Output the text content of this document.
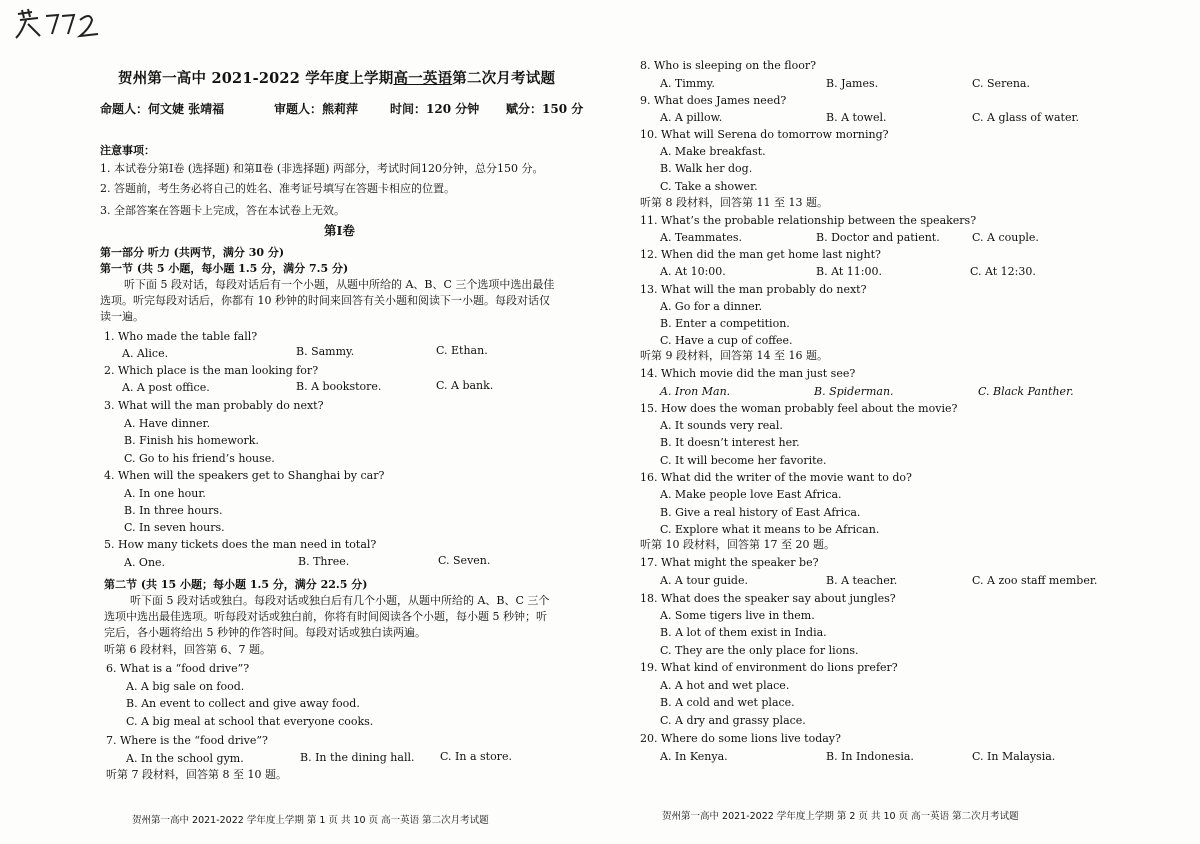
贺州第一高中 2021-2022 学年度上学期高一英语第二次月考试题
命题人：何文婕 张靖福	审题人：熊莉萍	时间：120 分钟 赋分：150 分
注意事项：
1. 本试卷分第Ⅰ卷 (选择题) 和第Ⅱ卷 (非选择题) 两部分，考试时间120分钟，总分150 分。
2. 答题前，考生务必将自己的姓名、准考证号填写在答题卡相应的位置。
3. 全部答案在答题卡上完成，答在本试卷上无效。
第Ⅰ卷
第一部分 听力 (共两节，满分 30 分)
第一节 (共 5 小题，每小题 1.5 分，满分 7.5 分)
听下面 5 段对话，每段对话后有一个小题，从题中所给的 A、B、C 三个选项中选出最佳
选项。听完每段对话后，你都有 10 秒钟的时间来回答有关小题和阅读下一小题。每段对话仅
读一遍。
1. Who made the table fall?
A. Alice.	B. Sammy.	C. Ethan.
2. Which place is the man looking for?
A. A post office.	B. A bookstore.	C. A bank.
3. What will the man probably do next?
A. Have dinner.
B. Finish his homework.
C. Go to his friend’s house.
4. When will the speakers get to Shanghai by car?
A. In one hour.
B. In three hours.
C. In seven hours.
5. How many tickets does the man need in total?
A. One.	B. Three.	C. Seven.
第二节 (共 15 小题；每小题 1.5 分，满分 22.5 分)
听下面 5 段对话或独白。每段对话或独白后有几个小题，从题中所给的 A、B、C 三个
选项中选出最佳选项。听每段对话或独白前，你将有时间阅读各个小题，每小题 5 秒钟；听
完后，各小题将给出 5 秒钟的作答时间。每段对话或独白读两遍。
听第 6 段材料，回答第 6、7 题。
6. What is a “food drive”?
A. A big sale on food.
B. An event to collect and give away food.
C. A big meal at school that everyone cooks.
7. Where is the “food drive”?
A. In the school gym.	B. In the dining hall. C. In a store.
听第 7 段材料，回答第 8 至 10 题。
8. Who is sleeping on the floor?
A. Timmy.	B. James.	C. Serena.
9. What does James need?
A. A pillow.	B. A towel.	C. A glass of water.
10. What will Serena do tomorrow morning?
A. Make breakfast.
B. Walk her dog.
C. Take a shower.
听第 8 段材料，回答第 11 至 13 题。
11. What’s the probable relationship between the speakers?
A. Teammates.	B. Doctor and patient.	C. A couple.
12. When did the man get home last night?
A. At 10:00.	B. At 11:00.	C. At 12:30.
13. What will the man probably do next?
A. Go for a dinner.
B. Enter a competition.
C. Have a cup of coffee.
听第 9 段材料，回答第 14 至 16 题。
14. Which movie did the man just see?
A. Iron Man.	B. Spiderman.	C. Black Panther.
15. How does the woman probably feel about the movie?
A. It sounds very real.
B. It doesn’t interest her.
C. It will become her favorite.
16. What did the writer of the movie want to do?
A. Make people love East Africa.
B. Give a real history of East Africa.
C. Explore what it means to be African.
听第 10 段材料，回答第 17 至 20 题。
17. What might the speaker be?
A. A tour guide.	B. A teacher.	C. A zoo staff member.
18. What does the speaker say about jungles?
A. Some tigers live in them.
B. A lot of them exist in India.
C. They are the only place for lions.
19. What kind of environment do lions prefer?
A. A hot and wet place.
B. A cold and wet place.
C. A dry and grassy place.
20. Where do some lions live today?
A. In Kenya.	B. In Indonesia.	C. In Malaysia.
贺州第一高中 2021-2022 学年度上学期 第 1 页 共 10 页 高一英语 第二次月考试题	贺州第一高中 2021-2022 学年度上学期 第 2 页 共 10 页 高一英语 第二次月考试题
